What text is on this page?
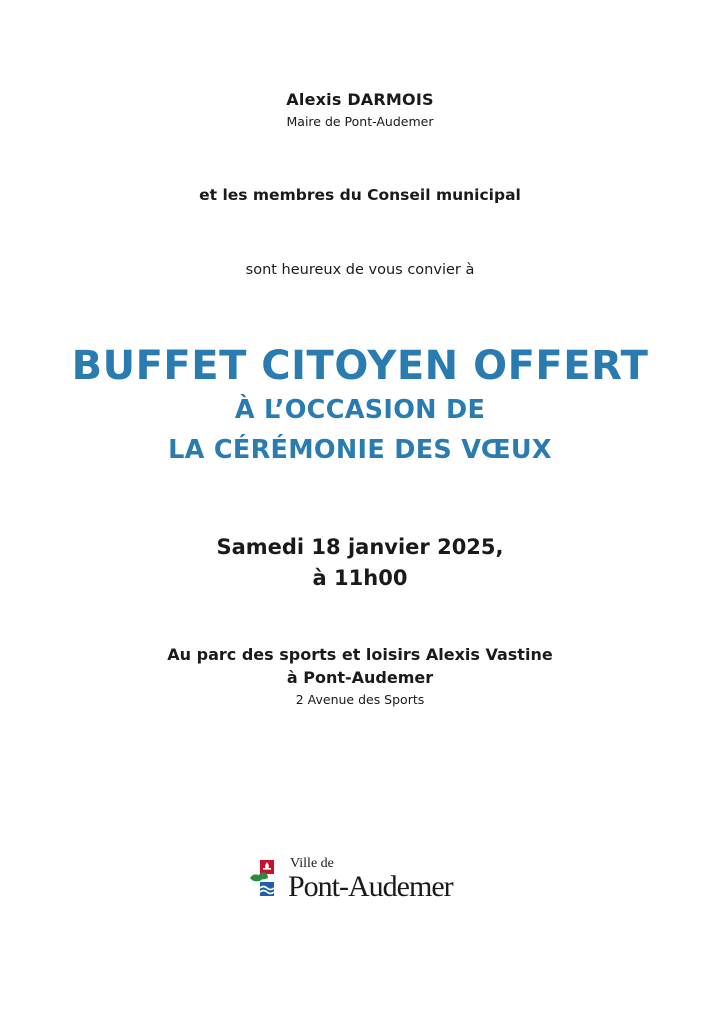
Alexis DARMOIS
Maire de Pont-Audemer
et les membres du Conseil municipal
sont heureux de vous convier à
BUFFET CITOYEN OFFERT
À L’OCCASION DE
LA CÉRÉMONIE DES VŒUX
Samedi 18 janvier 2025,
à 11h00
Au parc des sports et loisirs Alexis Vastine
à Pont-Audemer
2 Avenue des Sports
Ville de
Pont-Audemer
